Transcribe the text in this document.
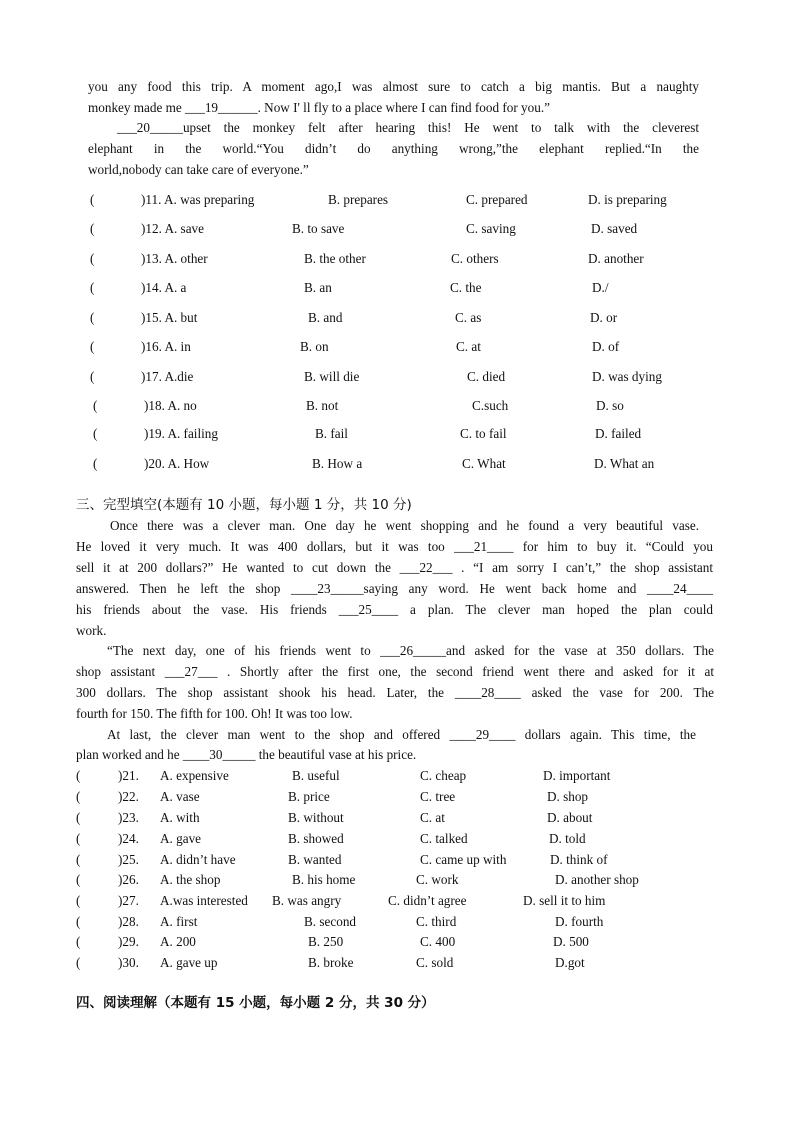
you any food this trip. A moment ago,I was almost sure to catch a big mantis. But a naughty
monkey made me ___19______. Now I' ll fly to a place where I can find food for you.”
___20_____upset the monkey felt after hearing this! He went to talk with the cleverest
elephant in the world.“You didn’t do anything wrong,”the elephant replied.“In the
world,nobody can take care of everyone.”
(	)11. A. was preparing	B. prepares	C. prepared	D. is preparing
(	)12. A. save	B. to save	C. saving	D. saved
(	)13. A. other	B. the other	C. others	D. another
(	)14. A. a	B. an	C. the	D./
(	)15. A. but	B. and	C. as	D. or
(	)16. A. in	B. on	C. at	D. of
(	)17. A.die	B. will die	C. died	D. was dying
(	)18. A. no	B. not	C.such	D. so
(	)19. A. failing	B. fail	C. to fail	D. failed
(	)20. A. How	B. How a	C. What	D. What an
三、完型填空(本题有 10 小题，每小题 1 分，共 10 分)
Once there was a clever man. One day he went shopping and he found a very beautiful vase.
He loved it very much. It was 400 dollars, but it was too ___21____ for him to buy it. “Could you
sell it at 200 dollars?” He wanted to cut down the ___22___ . “I am sorry I can’t,” the shop assistant
answered. Then he left the shop ____23_____saying any word. He went back home and ____24____
his friends about the vase. His friends ___25____ a plan. The clever man hoped the plan could
work.
“The next day, one of his friends went to ___26_____and asked for the vase at 350 dollars. The
shop assistant ___27___ . Shortly after the first one, the second friend went there and asked for it at
300 dollars. The shop assistant shook his head. Later, the ____28____ asked the vase for 200. The
fourth for 150. The fifth for 100. Oh! It was too low.
At last, the clever man went to the shop and offered ____29____ dollars again. This time, the
plan worked and he ____30_____ the beautiful vase at his price.
(	)21. A. expensive	B. useful	C. cheap	D. important
(	)22. A. vase	B. price	C. tree	D. shop
(	)23. A. with	B. without	C. at	D. about
(	)24. A. gave	B. showed	C. talked	D. told
(	)25. A. didn’t have	B. wanted	C. came up with	D. think of
(	)26. A. the shop	B. his home	C. work	D. another shop
(	)27. A.was interested B. was angry	C. didn’t agree	D. sell it to him
(	)28. A. first	B. second	C. third	D. fourth
(	)29. A. 200	B. 250	C. 400	D. 500
(	)30. A. gave up	B. broke	C. sold	D.got
四、阅读理解（本题有 15 小题，每小题 2 分，共 30 分）
